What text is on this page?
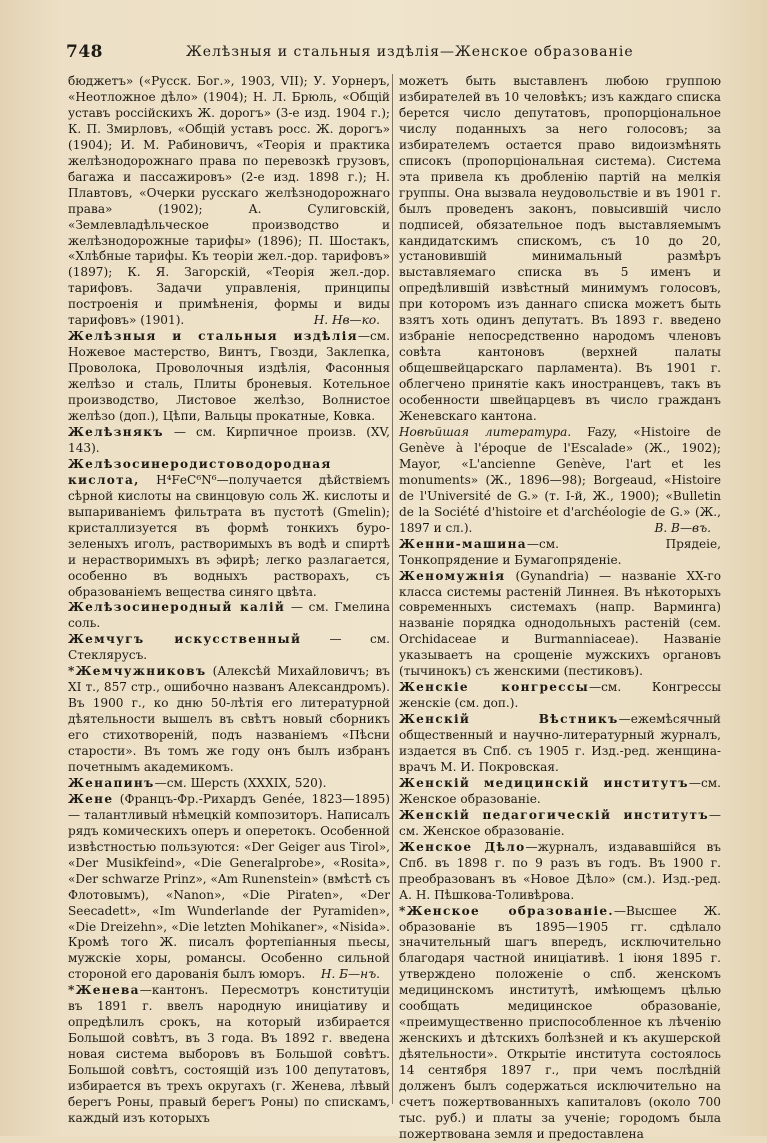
748	Желѣзныя и стальныя издѣлія—Женское образованіе

бюджетъ» («Русск. Бог.», 1903, VII); У. Уорнеръ, «Неотложное дѣло» (1904); Н. Л. Брюль, «Общій уставъ россійскихъ Ж. дорогъ» (3-е изд. 1904 г.); К. П. Змирловъ, «Общій уставъ росс. Ж. дорогъ» (1904); И. М. Рабиновичъ, «Теорія и практика желѣзнодорожнаго права по перевозкѣ грузовъ, багажа и пассажировъ» (2-е изд. 1898 г.); Н. Плавтовъ, «Очерки русскаго желѣзнодорожнаго права» (1902); А. Сулиговскій, «Землевладѣльческое производство и желѣзнодорожные тарифы» (1896); П. Шостакъ, «Хлѣбные тарифы. Къ теоріи жел.-дор. тарифовъ» (1897); К. Я. Загорскій, «Теорія жел.-дор. тарифовъ. Задачи управленія, принципы построенія и примѣненія, формы и виды тарифовъ» (1901).	Н. Нв—ко.

Желѣзныя и стальныя издѣлія—см. Ножевое мастерство, Винтъ, Гвозди, Заклепка, Проволока, Проволочныя издѣлія, Фасонныя желѣзо и сталь, Плиты броневыя. Котельное производство, Листовое желѣзо, Волнистое желѣзо (доп.), Цѣпи, Вальцы прокатные, Ковка.

Желѣзнякъ — см. Кирпичное произв. (XV, 143).

Желѣзосинеродистоводородная кислота, Н⁴FеС⁶N⁶—получается дѣйствіемъ сѣрной кислоты на свинцовую соль Ж. кислоты и выпариваніемъ фильтрата въ пустотѣ (Gmelin); кристаллизуется въ формѣ тонкихъ буро-зеленыхъ иголъ, растворимыхъ въ водѣ и спиртѣ и нерастворимыхъ въ эфирѣ; легко разлагается, особенно въ водныхъ растворахъ, съ образованіемъ вещества синяго цвѣта.

Желѣзосинеродный калій — см. Гмелина соль.

Жемчугъ искусственный — см. Стеклярусъ.

*Жемчужниковъ (Алексѣй Михайловичъ; въ XI т., 857 стр., ошибочно названъ Александромъ). Въ 1900 г., ко дню 50-лѣтія его литературной дѣятельности вышелъ въ свѣтъ новый сборникъ его стихотвореній, подъ названіемъ «Пѣсни старости». Въ томъ же году онъ былъ избранъ почетнымъ академикомъ.

Женапинъ—см. Шерсть (XXXIX, 520).

Жене (Францъ-Фр.-Рихардъ Genée, 1823—1895) — талантливый нѣмецкій композиторъ. Написалъ рядъ комическихъ оперъ и оперетокъ. Особенной извѣстностью пользуются: «Der Geiger aus Tirol», «Der Musikfeind», «Die Generalprobe», «Rosita», «Der schwarze Prinz», «Am Runenstein» (вмѣстѣ съ Флотовымъ), «Nanon», «Die Piraten», «Der Seecadett», «Im Wunderlande der Pyramiden», «Die Dreizehn», «Die letzten Mohikaner», «Nisida». Кромѣ того Ж. писалъ фортепіанныя пьесы, мужскіе хоры, романсы. Особенно сильной стороной его дарованія былъ юморъ. Н. Б—нъ.

*Женева—кантонъ. Пересмотръ конституціи въ 1891 г. ввелъ народную иниціативу и опредѣлилъ срокъ, на который избирается Большой совѣтъ, въ 3 года. Въ 1892 г. введена новая система выборовъ въ Большой совѣтъ. Большой совѣтъ, состоящій изъ 100 депутатовъ, избирается въ трехъ округахъ (г. Женева, лѣвый берегъ Роны, правый берегъ Роны) по спискамъ, каждый изъ которыхъ

можетъ быть выставленъ любою группою избирателей въ 10 человѣкъ; изъ каждаго списка берется число депутатовъ, пропорціональное числу поданныхъ за него голосовъ; за избирателемъ остается право видоизмѣнять списокъ (пропорціональная система). Система эта привела къ дробленію партій на мелкія группы. Она вызвала неудовольствіе и въ 1901 г. былъ проведенъ законъ, повысившій число подписей, обязательное подъ выставляемымъ кандидатскимъ спискомъ, съ 10 до 20, установившій минимальный размѣръ выставляемаго списка въ 5 именъ и опредѣлившій извѣстный минимумъ голосовъ, при которомъ изъ даннаго списка можетъ быть взятъ хоть одинъ депутатъ. Въ 1893 г. введено избраніе непосредственно народомъ членовъ совѣта кантоновъ (верхней палаты общешвейцарскаго парламента). Въ 1901 г. облегчено принятіе какъ иностранцевъ, такъ въ особенности швейцарцевъ въ число гражданъ Женевскаго кантона.

Новѣйшая литература. Fazy, «Histoire de Genève à l'époque de l'Escalade» (Ж., 1902); Mayor, «L'ancienne Genève, l'art et les monuments» (Ж., 1896—98); Borgeaud, «Histoire de l'Université de G.» (т. I-й, Ж., 1900); «Bulletin de la Société d'histoire et d'archéologie de G.» (Ж., 1897 и сл.).	В. В—въ.

Женни-машина—см. Прядеіе, Тонкопрядение и Бумагопряденіе.

Женомужнія (Gynandria) — названіе XX-го класса системы растеній Линнея. Въ нѣкоторыхъ современныхъ системахъ (напр. Варминга) названіе порядка однодольныхъ растеній (сем. Orchidaceae и Burmanniaceae). Названіе указываетъ на срощеніе мужскихъ органовъ (тычинокъ) съ женскими (пестиковъ).

Женскіе конгрессы—см. Конгрессы женскіе (см. доп.).

Женскій Вѣстникъ—ежемѣсячный общественный и научно-литературный журналъ, издается въ Спб. съ 1905 г. Изд.-ред. женщина-врачъ М. И. Покровская.

Женскій медицинскій институтъ—см. Женское образованіе.

Женскій педагогическій институтъ—см. Женское образованіе.

Женское Дѣло—журналъ, издававшійся въ Спб. въ 1898 г. по 9 разъ въ годъ. Въ 1900 г. преобразованъ въ «Новое Дѣло» (см.). Изд.-ред. А. Н. Пѣшкова-Толивѣрова.

*Женское образованіе.—Высшее Ж. образованіе въ 1895—1905 гг. сдѣлало значительный шагъ впередъ, исключительно благодаря частной иниціативѣ. 1 іюня 1895 г. утверждено положеніе о спб. женскомъ медицинскомъ институтѣ, имѣющемъ цѣлью сообщать медицинское образованіе, «преимущественно приспособленное къ лѣченію женскихъ и дѣтскихъ болѣзней и къ акушерской дѣятельности». Открытіе института состоялось 14 сентября 1897 г., при чемъ послѣдній долженъ былъ содержаться исключительно на счетъ пожертвованныхъ капиталовъ (около 700 тыс. руб.) и платы за ученіе; городомъ была пожертвована земля и предоставлена
